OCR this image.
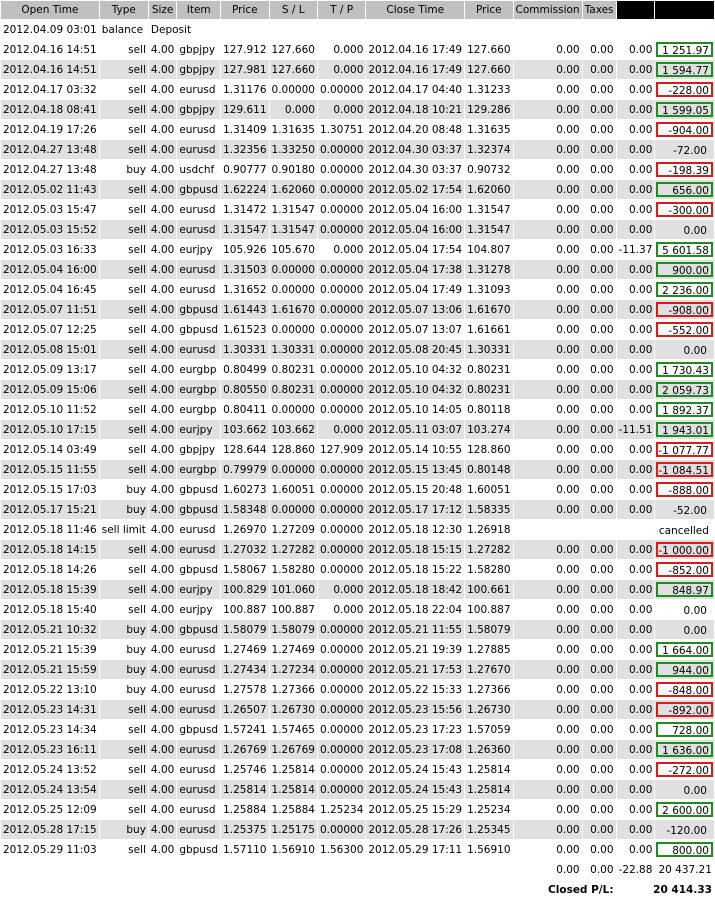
Open Time	Type	Size	Item	Price	S / L	T / P	Close Time	Price	Commission	Taxes		
2012.04.09 03:01	balance	Deposit										
2012.04.16 14:51	sell	4.00	gbpjpy	127.912	127.660	0.000	2012.04.16 17:49	127.660	0.00	0.00	0.00	1 251.97

2012.04.16 14:51	sell	4.00	gbpjpy	127.981	127.660	0.000	2012.04.16 17:49	127.660	0.00	0.00	0.00	1 594.77

2012.04.17 03:32	sell	4.00	eurusd	1.31176	0.00000	0.00000	2012.04.17 04:40	1.31233	0.00	0.00	0.00	-228.00

2012.04.18 08:41	sell	4.00	gbpjpy	129.611	0.000	0.000	2012.04.18 10:21	129.286	0.00	0.00	0.00	1 599.05

2012.04.19 17:26	sell	4.00	eurusd	1.31409	1.31635	1.30751	2012.04.20 08:48	1.31635	0.00	0.00	0.00	-904.00

2012.04.27 13:48	sell	4.00	eurusd	1.32356	1.33250	0.00000	2012.04.30 03:37	1.32374	0.00	0.00	0.00	-72.00

2012.04.27 13:48	buy	4.00	usdchf	0.90777	0.90180	0.00000	2012.04.30 03:37	0.90732	0.00	0.00	0.00	-198.39

2012.05.02 11:43	sell	4.00	gbpusd	1.62224	1.62060	0.00000	2012.05.02 17:54	1.62060	0.00	0.00	0.00	656.00

2012.05.03 15:47	sell	4.00	eurusd	1.31472	1.31547	0.00000	2012.05.04 16:00	1.31547	0.00	0.00	0.00	-300.00

2012.05.03 15:52	sell	4.00	eurusd	1.31547	1.31547	0.00000	2012.05.04 16:00	1.31547	0.00	0.00	0.00	0.00

2012.05.03 16:33	sell	4.00	eurjpy	105.926	105.670	0.000	2012.05.04 17:54	104.807	0.00	0.00	-11.37	5 601.58

2012.05.04 16:00	sell	4.00	eurusd	1.31503	0.00000	0.00000	2012.05.04 17:38	1.31278	0.00	0.00	0.00	900.00

2012.05.04 16:45	sell	4.00	eurusd	1.31652	0.00000	0.00000	2012.05.04 17:49	1.31093	0.00	0.00	0.00	2 236.00

2012.05.07 11:51	sell	4.00	gbpusd	1.61443	1.61670	0.00000	2012.05.07 13:06	1.61670	0.00	0.00	0.00	-908.00

2012.05.07 12:25	sell	4.00	gbpusd	1.61523	0.00000	0.00000	2012.05.07 13:07	1.61661	0.00	0.00	0.00	-552.00

2012.05.08 15:01	sell	4.00	eurusd	1.30331	1.30331	0.00000	2012.05.08 20:45	1.30331	0.00	0.00	0.00	0.00

2012.05.09 13:17	sell	4.00	eurgbp	0.80499	0.80231	0.00000	2012.05.10 04:32	0.80231	0.00	0.00	0.00	1 730.43

2012.05.09 15:06	sell	4.00	eurgbp	0.80550	0.80231	0.00000	2012.05.10 04:32	0.80231	0.00	0.00	0.00	2 059.73

2012.05.10 11:52	sell	4.00	eurgbp	0.80411	0.00000	0.00000	2012.05.10 14:05	0.80118	0.00	0.00	0.00	1 892.37

2012.05.10 17:15	sell	4.00	eurjpy	103.662	103.662	0.000	2012.05.11 03:07	103.274	0.00	0.00	-11.51	1 943.01

2012.05.14 03:49	sell	4.00	gbpjpy	128.644	128.860	127.909	2012.05.14 10:55	128.860	0.00	0.00	0.00	-1 077.77

2012.05.15 11:55	sell	4.00	eurgbp	0.79979	0.00000	0.00000	2012.05.15 13:45	0.80148	0.00	0.00	0.00	-1 084.51

2012.05.15 17:03	buy	4.00	gbpusd	1.60273	1.60051	0.00000	2012.05.15 20:48	1.60051	0.00	0.00	0.00	-888.00

2012.05.17 15:21	buy	4.00	gbpusd	1.58348	0.00000	0.00000	2012.05.17 17:12	1.58335	0.00	0.00	0.00	-52.00

2012.05.18 11:46	sell limit	4.00	eurusd	1.26970	1.27209	0.00000	2012.05.18 12:30	1.26918				cancelled

2012.05.18 14:15	sell	4.00	eurusd	1.27032	1.27282	0.00000	2012.05.18 15:15	1.27282	0.00	0.00	0.00	-1 000.00

2012.05.18 14:26	sell	4.00	gbpusd	1.58067	1.58280	0.00000	2012.05.18 15:22	1.58280	0.00	0.00	0.00	-852.00

2012.05.18 15:39	sell	4.00	eurjpy	100.829	101.060	0.000	2012.05.18 18:42	100.661	0.00	0.00	0.00	848.97

2012.05.18 15:40	sell	4.00	eurjpy	100.887	100.887	0.000	2012.05.18 22:04	100.887	0.00	0.00	0.00	0.00

2012.05.21 10:32	buy	4.00	gbpusd	1.58079	1.58079	0.00000	2012.05.21 11:55	1.58079	0.00	0.00	0.00	0.00

2012.05.21 15:39	buy	4.00	eurusd	1.27469	1.27469	0.00000	2012.05.21 19:39	1.27885	0.00	0.00	0.00	1 664.00

2012.05.21 15:59	buy	4.00	eurusd	1.27434	1.27234	0.00000	2012.05.21 17:53	1.27670	0.00	0.00	0.00	944.00

2012.05.22 13:10	buy	4.00	eurusd	1.27578	1.27366	0.00000	2012.05.22 15:33	1.27366	0.00	0.00	0.00	-848.00

2012.05.23 14:31	sell	4.00	eurusd	1.26507	1.26730	0.00000	2012.05.23 15:56	1.26730	0.00	0.00	0.00	-892.00

2012.05.23 14:34	sell	4.00	gbpusd	1.57241	1.57465	0.00000	2012.05.23 17:23	1.57059	0.00	0.00	0.00	728.00

2012.05.23 16:11	sell	4.00	eurusd	1.26769	1.26769	0.00000	2012.05.23 17:08	1.26360	0.00	0.00	0.00	1 636.00

2012.05.24 13:52	sell	4.00	eurusd	1.25746	1.25814	0.00000	2012.05.24 15:43	1.25814	0.00	0.00	0.00	-272.00

2012.05.24 13:54	sell	4.00	eurusd	1.25814	1.25814	0.00000	2012.05.24 15:43	1.25814	0.00	0.00	0.00	0.00

2012.05.25 12:09	sell	4.00	eurusd	1.25884	1.25884	1.25234	2012.05.25 15:29	1.25234	0.00	0.00	0.00	2 600.00

2012.05.28 17:15	buy	4.00	eurusd	1.25375	1.25175	0.00000	2012.05.28 17:26	1.25345	0.00	0.00	0.00	-120.00

2012.05.29 11:03	sell	4.00	gbpusd	1.57110	1.56910	1.56300	2012.05.29 17:11	1.56910	0.00	0.00	0.00	800.00

									0.00	0.00	-22.88	20 437.21
									Closed P/L:		20 414.33	
